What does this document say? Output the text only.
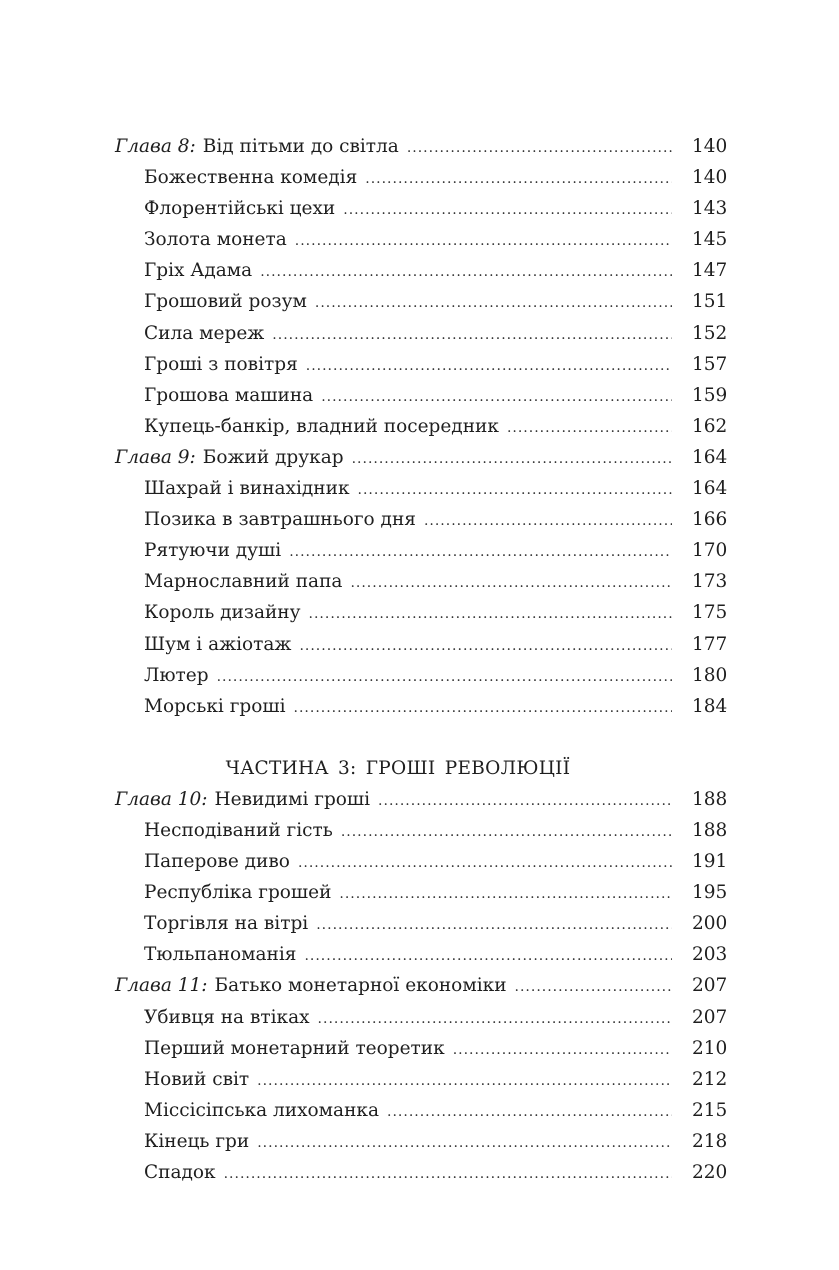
Глава 8: Від пітьми до світла .....	140
Божественна комедія .....	140
Флорентійські цехи .....	143
Золота монета .....	145
Гріх Адама .....	147
Грошовий розум .....	151
Сила мереж .....	152
Гроші з повітря .....	157
Грошова машина .....	159
Купець-банкір, владний посередник .....	162
Глава 9: Божий друкар .....	164
Шахрай і винахідник .....	164
Позика в завтрашнього дня .....	166
Рятуючи душі .....	170
Марнославний папа .....	173
Король дизайну .....	175
Шум і ажіотаж .....	177
Лютер .....	180
Морські гроші .....	184
ЧАСТИНА 3: ГРОШІ РЕВОЛЮЦІЇ
Глава 10: Невидимі гроші .....	188
Несподіваний гість .....	188
Паперове диво .....	191
Республіка грошей .....	195
Торгівля на вітрі .....	200
Тюльпаноманія .....	203
Глава 11: Батько монетарної економіки .....	207
Убивця на втіках .....	207
Перший монетарний теоретик .....	210
Новий світ .....	212
Міссісіпська лихоманка .....	215
Кінець гри .....	218
Спадок .....	220
